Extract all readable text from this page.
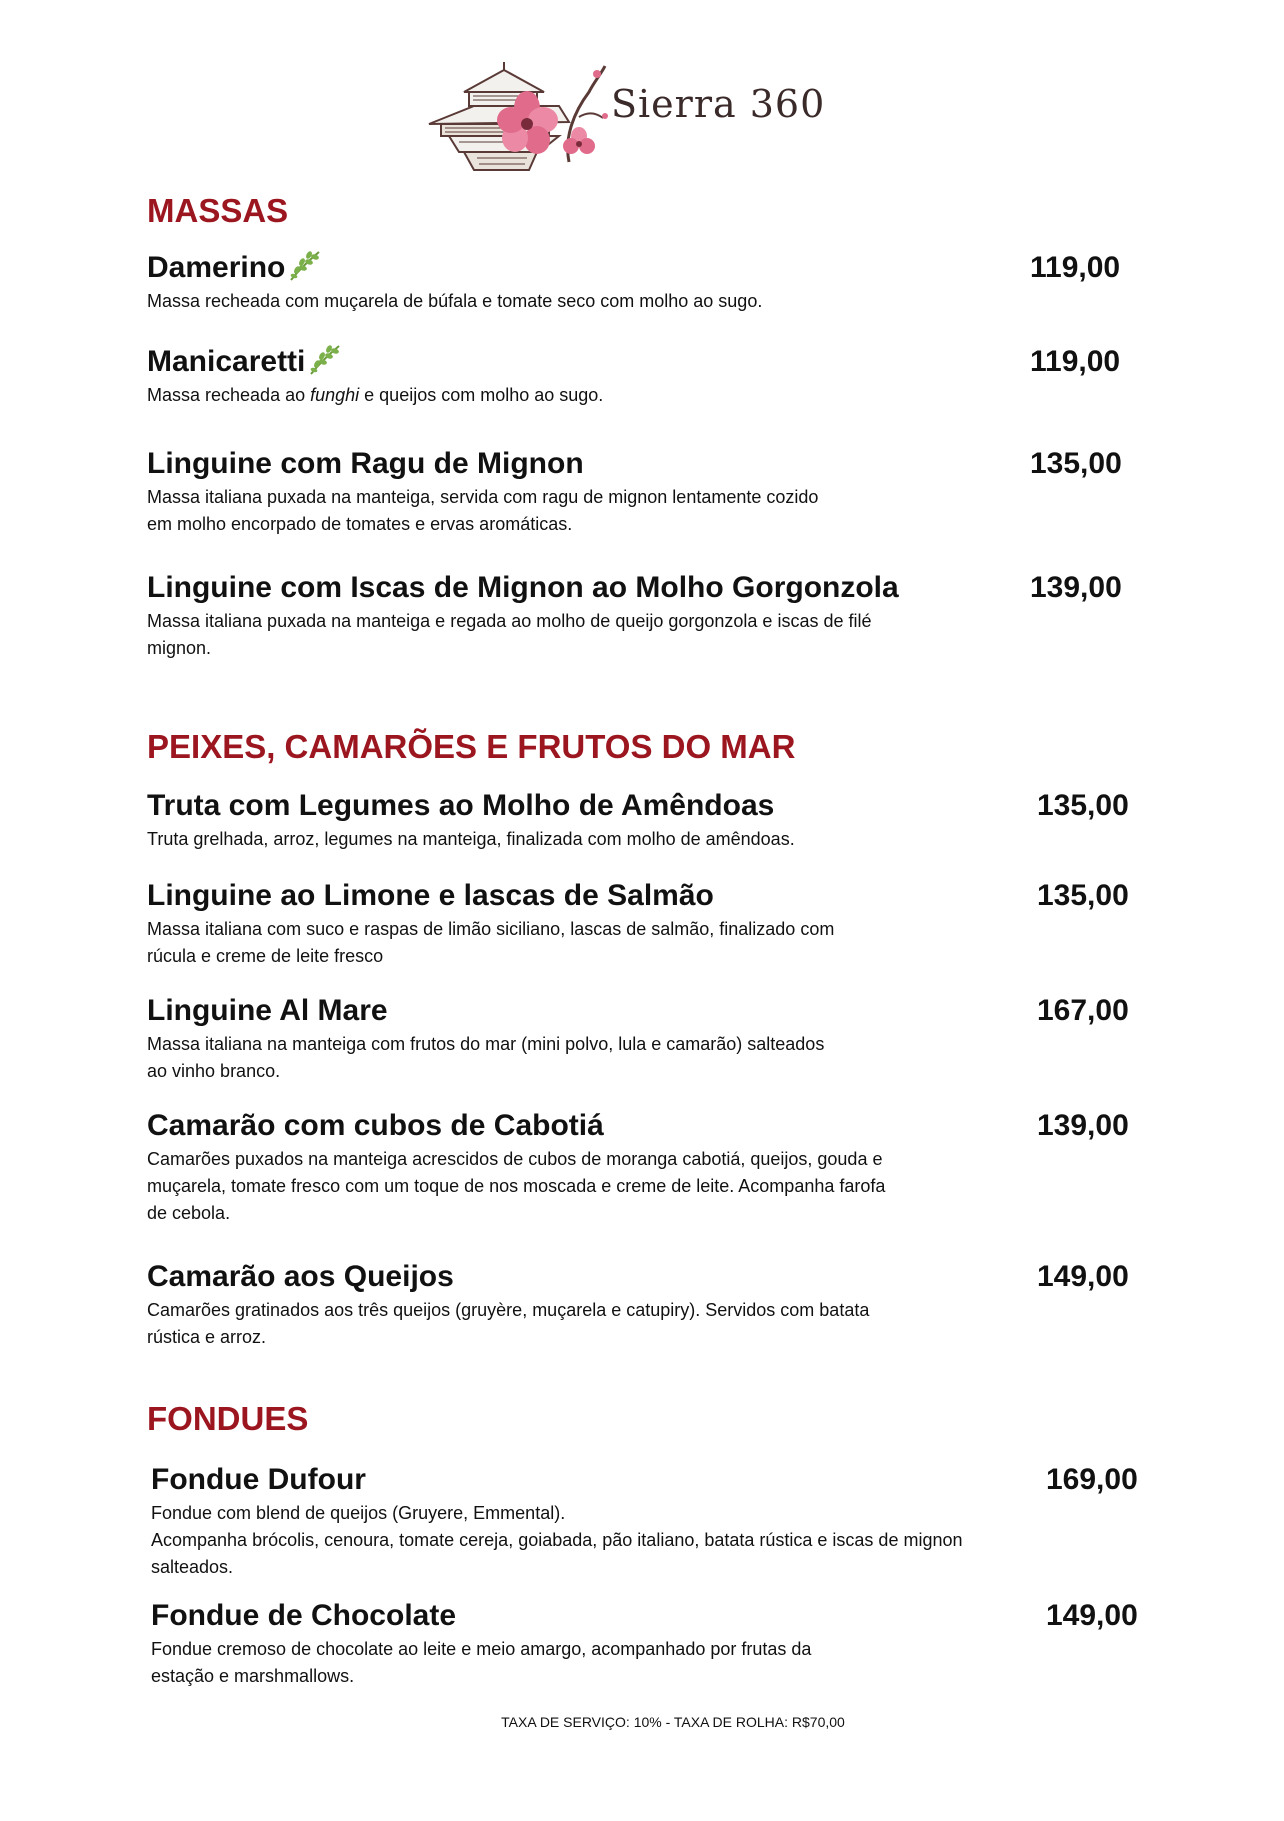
Sierra 360
MASSAS
Damerino	119,00
Massa recheada com muçarela de búfala e tomate seco com molho ao sugo.
Manicaretti	119,00
Massa recheada ao funghi e queijos com molho ao sugo.
Linguine com Ragu de Mignon	135,00
Massa italiana puxada na manteiga, servida com ragu de mignon lentamente cozido em molho encorpado de tomates e ervas aromáticas.
Linguine com Iscas de Mignon ao Molho Gorgonzola	139,00
Massa italiana puxada na manteiga e regada ao molho de queijo gorgonzola e iscas de filé mignon.
PEIXES, CAMARÕES E FRUTOS DO MAR
Truta com Legumes ao Molho de Amêndoas	135,00
Truta grelhada, arroz, legumes na manteiga, finalizada com molho de amêndoas.
Linguine ao Limone e lascas de Salmão	135,00
Massa italiana com suco e raspas de limão siciliano, lascas de salmão, finalizado com rúcula e creme de leite fresco
Linguine Al Mare	167,00
Massa italiana na manteiga com frutos do mar (mini polvo, lula e camarão) salteados ao vinho branco.
Camarão com cubos de Cabotiá	139,00
Camarões puxados na manteiga acrescidos de cubos de moranga cabotiá, queijos, gouda e muçarela, tomate fresco com um toque de nos moscada e creme de leite. Acompanha farofa de cebola.
Camarão aos Queijos	149,00
Camarões gratinados aos três queijos (gruyère, muçarela e catupiry). Servidos com batata rústica e arroz.
FONDUES
Fondue Dufour	169,00
Fondue com blend de queijos (Gruyere, Emmental).
Acompanha brócolis, cenoura, tomate cereja, goiabada, pão italiano, batata rústica e iscas de mignon salteados.
Fondue de Chocolate	149,00
Fondue cremoso de chocolate ao leite e meio amargo, acompanhado por frutas da estação e marshmallows.
TAXA DE SERVIÇO: 10% - TAXA DE ROLHA: R$70,00
